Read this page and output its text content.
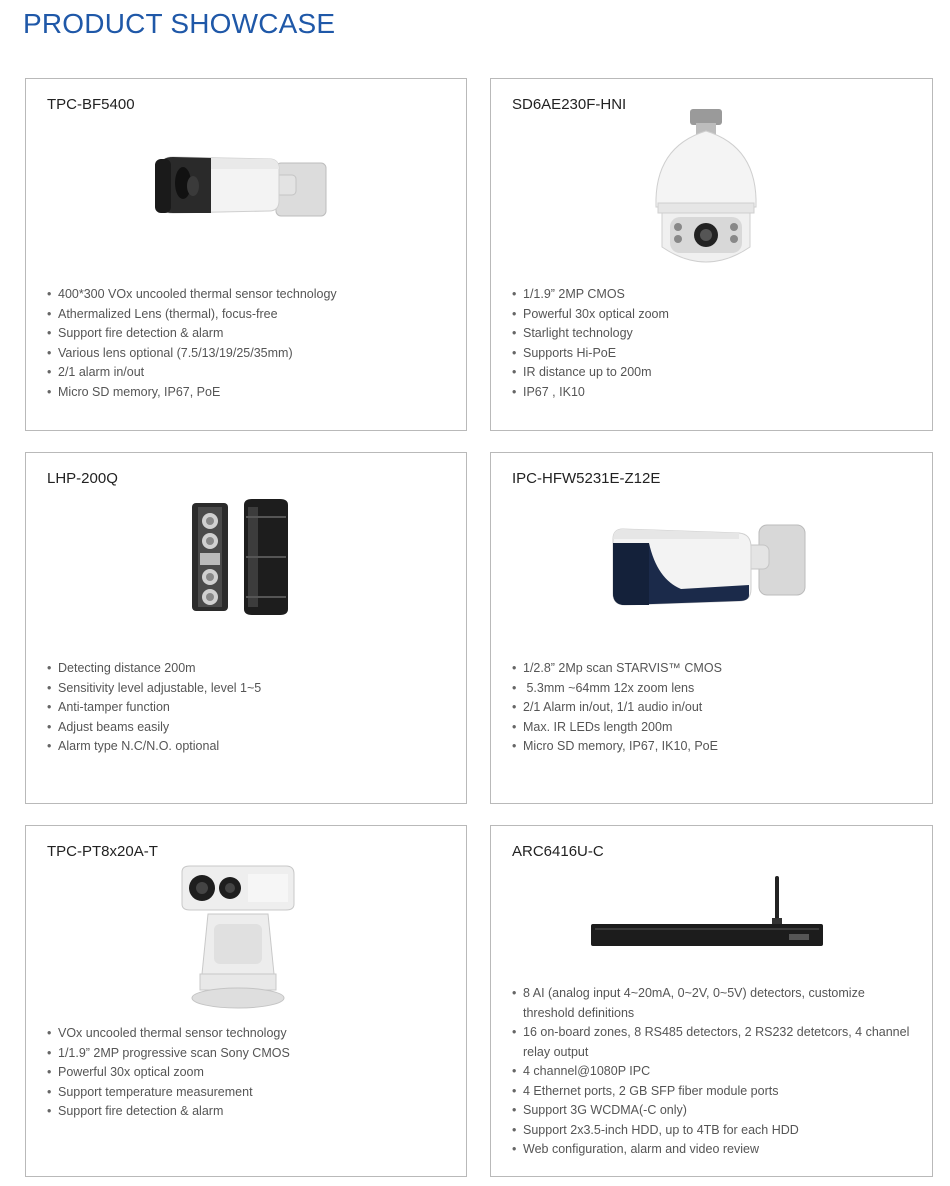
PRODUCT SHOWCASE
TPC-BF5400
• 400*300 VOx uncooled thermal sensor technology
• Athermalized Lens (thermal), focus-free
• Support fire detection & alarm
• Various lens optional (7.5/13/19/25/35mm)
• 2/1 alarm in/out
• Micro SD memory, IP67, PoE
SD6AE230F-HNI
• 1/1.9” 2MP CMOS
• Powerful 30x optical zoom
• Starlight technology
• Supports Hi-PoE
• IR distance up to 200m
• IP67 , IK10
LHP-200Q
• Detecting distance 200m
• Sensitivity level adjustable, level 1~5
• Anti-tamper function
• Adjust beams easily
• Alarm type N.C/N.O. optional
IPC-HFW5231E-Z12E
• 1/2.8” 2Mp scan STARVIS™ CMOS
•  5.3mm ~64mm 12x zoom lens
• 2/1 Alarm in/out, 1/1 audio in/out
• Max. IR LEDs length 200m
• Micro SD memory, IP67, IK10, PoE
TPC-PT8x20A-T
• VOx uncooled thermal sensor technology
• 1/1.9” 2MP progressive scan Sony CMOS
• Powerful 30x optical zoom
• Support temperature measurement
• Support fire detection & alarm
ARC6416U-C
• 8 AI (analog input 4~20mA, 0~2V, 0~5V) detectors, customize threshold definitions
• 16 on-board zones, 8 RS485 detectors, 2 RS232 detetcors, 4 channel relay output
• 4 channel@1080P IPC
• 4 Ethernet ports, 2 GB SFP fiber module ports
• Support 3G WCDMA(-C only)
• Support 2x3.5-inch HDD, up to 4TB for each HDD
• Web configuration, alarm and video review
